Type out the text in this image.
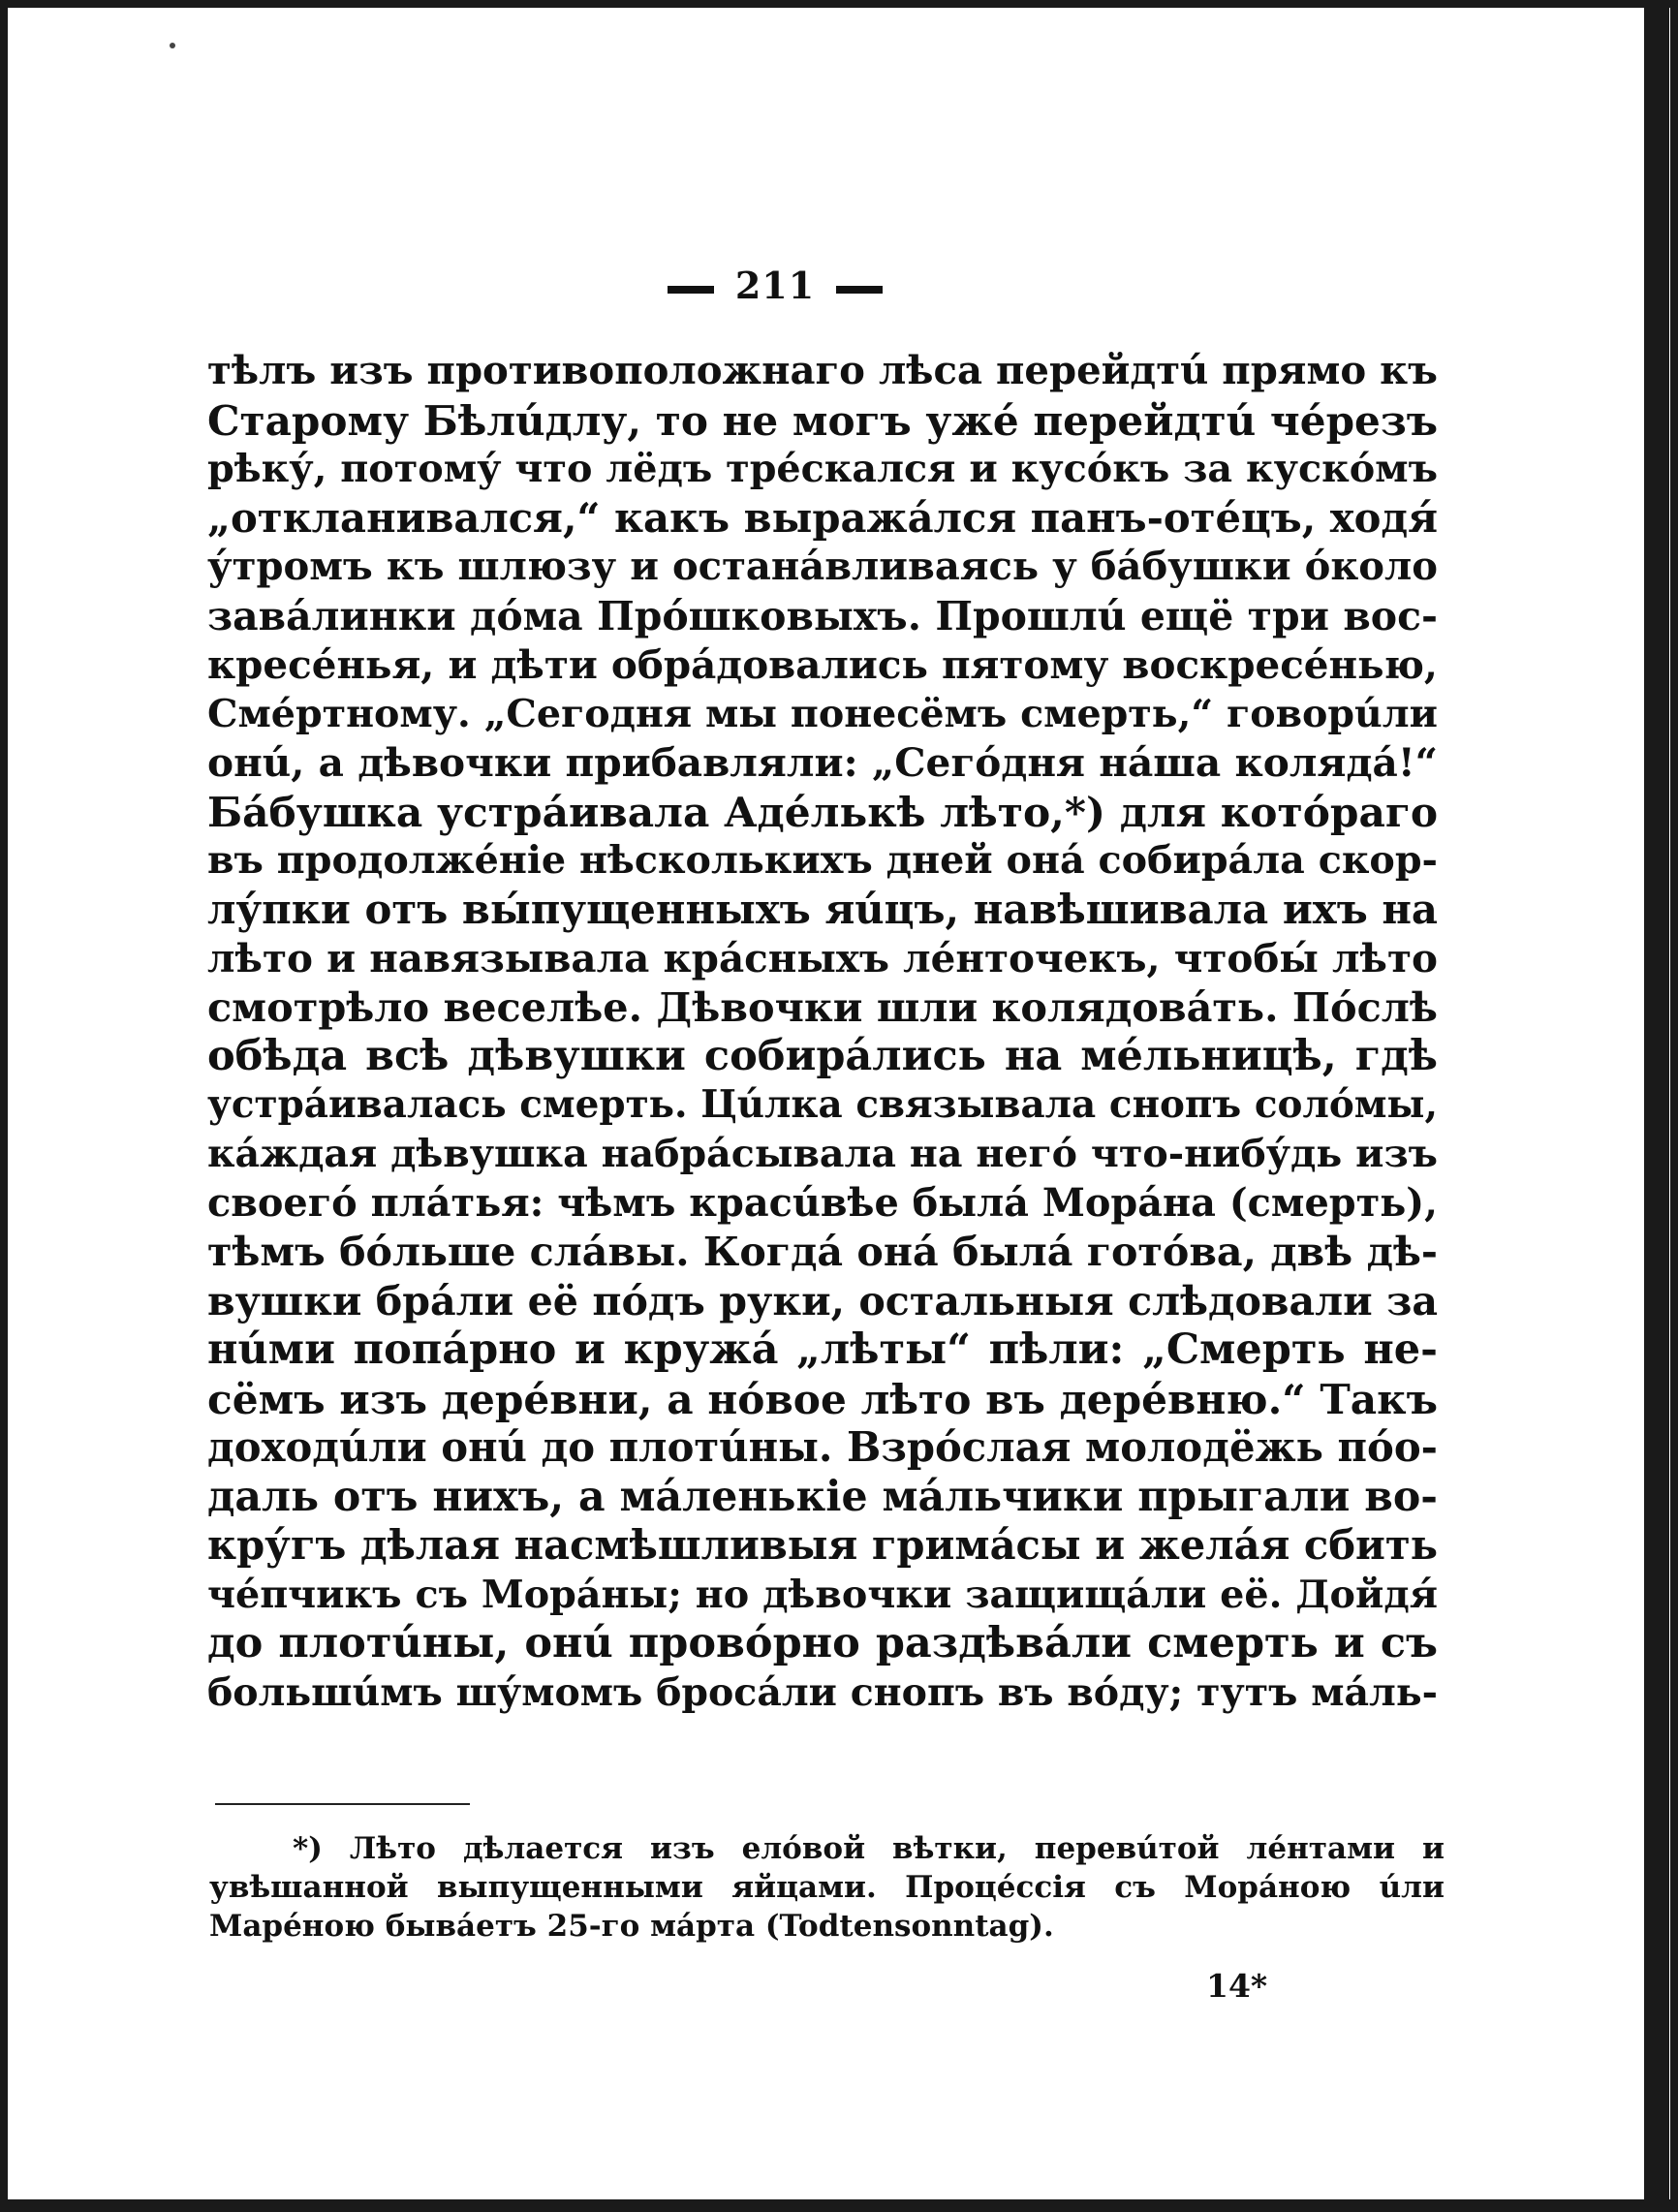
211
тѣлъ изъ противоположнаго лѣса перейдтú прямо къ
Старому Бѣлúдлу, то не могъ ужé перейдтú чéрезъ
рѣку́, потому́ что лёдъ трéскался и кусóкъ за кускóмъ
„откланивался,“ какъ выражáлся панъ-отéцъ, ходя́
у́тромъ къ шлюзу и останáвливаясь у бáбушки óколо
завáлинки дóма Прóшковыхъ. Прошлú ещё три вос-
кресéнья, и дѣти обрáдовались пятому воскресéнью,
Смéртному. „Сегодня мы понесёмъ смерть,“ говорúли
онú, а дѣвочки прибавляли: „Сегóдня нáша колядá!“
Бáбушка устрáивала Адéлькѣ лѣто,*) для котóраго
въ продолжéніе нѣсколькихъ дней онá собирáла скор-
лу́пки отъ вы́пущенныхъ яúцъ, навѣшивала ихъ на
лѣто и навязывала крáсныхъ лéнточекъ, чтобы́ лѣто
смотрѣло веселѣе. Дѣвочки шли колядовáть. Пóслѣ
обѣда всѣ дѣвушки собирáлись на мéльницѣ, гдѣ
устрáивалась смерть. Цúлка связывала снопъ солóмы,
кáждая дѣвушка набрáсывала на негó что-нибу́дь изъ
своегó плáтья: чѣмъ красúвѣе былá Морáна (смерть),
тѣмъ бóльше слáвы. Когдá онá былá готóва, двѣ дѣ-
вушки брáли её пóдъ руки, остальныя слѣдовали за
нúми попáрно и кружá „лѣты“ пѣли: „Смерть не-
сёмъ изъ дерéвни, а нóвое лѣто въ дерéвню.“ Такъ
доходúли онú до плотúны. Взрóслая молодёжь пóо-
даль отъ нихъ, а мáленькіе мáльчики прыгали во-
кру́гъ дѣлая насмѣшливыя гримáсы и желáя сбить
чéпчикъ съ Морáны; но дѣвочки защищáли её. Дойдя́
до плотúны, онú провóрно раздѣвáли смерть и съ
большúмъ шу́момъ бросáли снопъ въ вóду; тутъ мáль-
*) Лѣто дѣлается изъ елóвой вѣтки, перевúтой лéнтами и
увѣшанной выпущенными яйцами. Процéссія съ Морáною úли
Марéною бывáетъ 25-го мáрта (Todtensonntag).
14*
